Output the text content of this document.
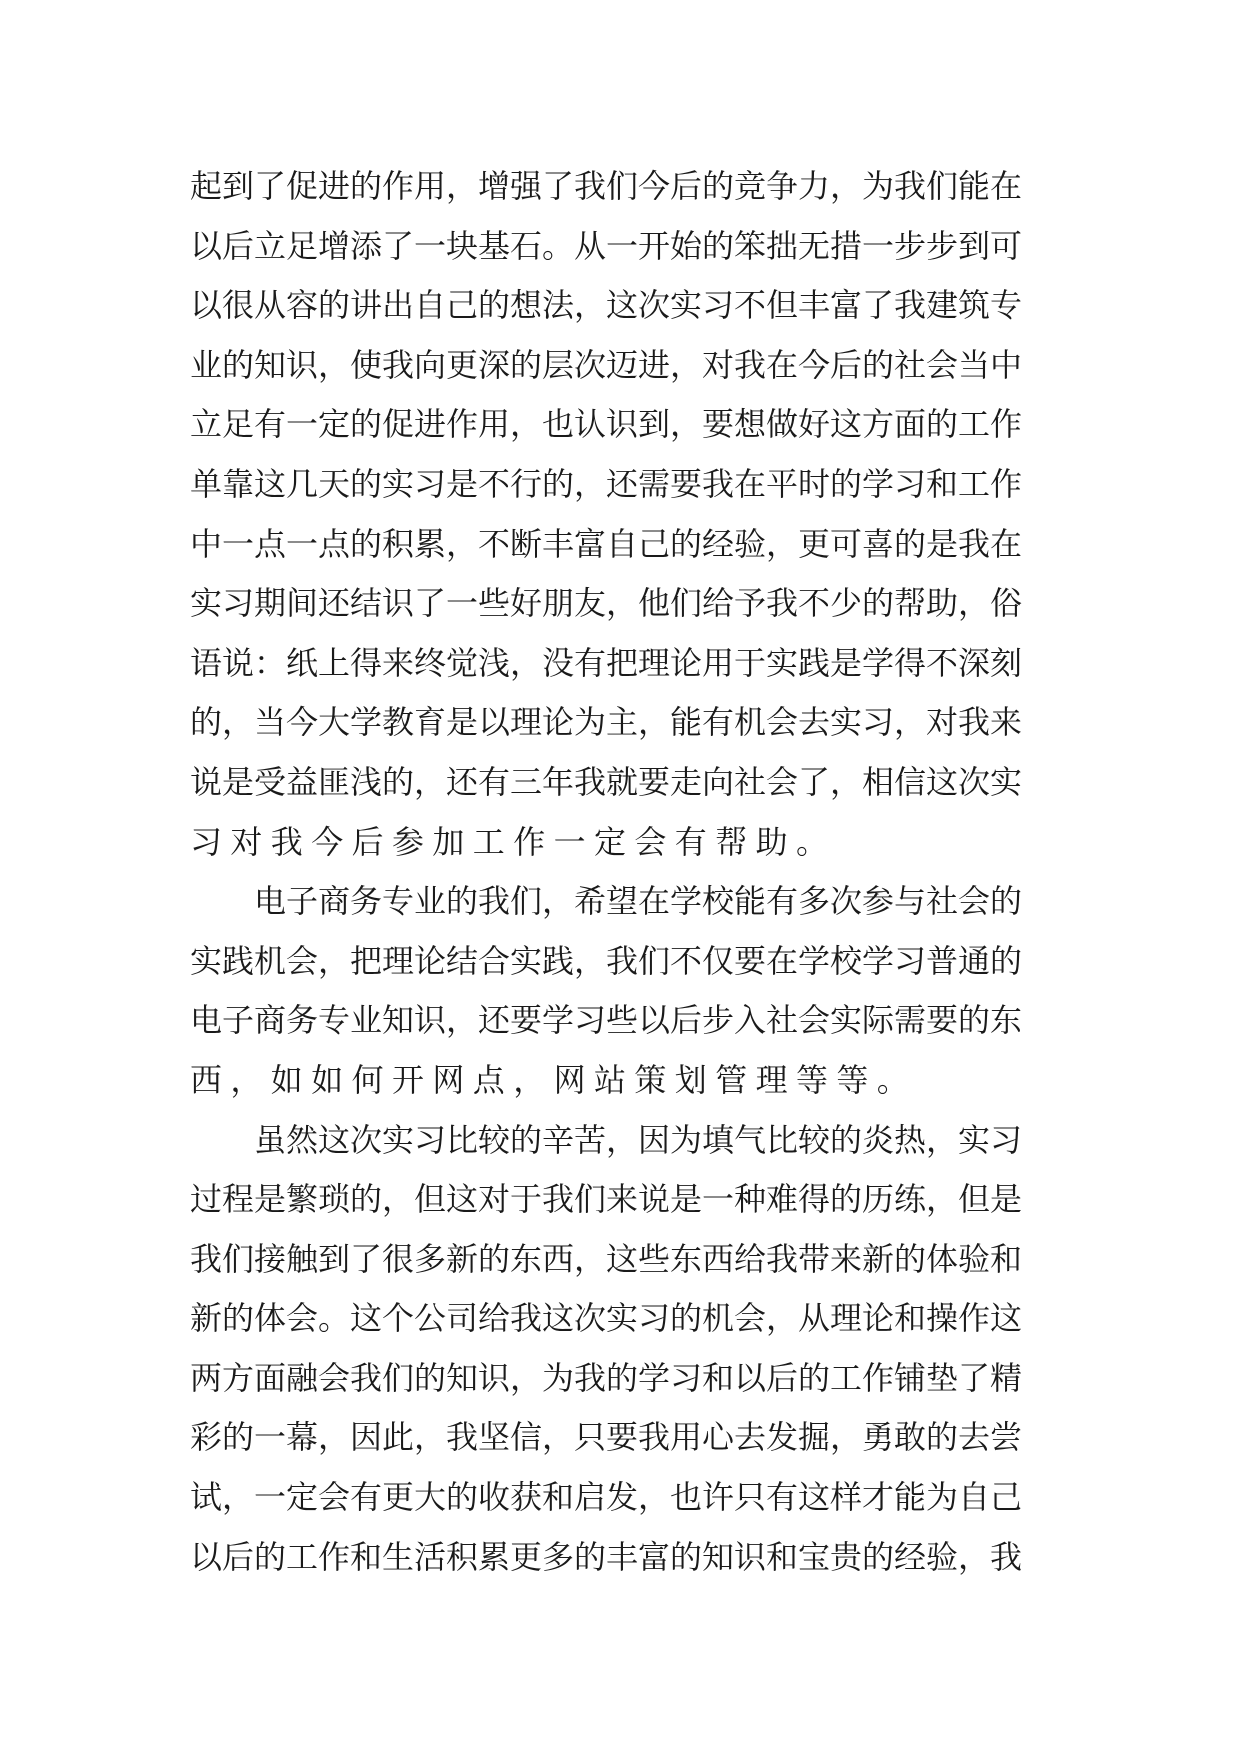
起到了促进的作用，增强了我们今后的竞争力，为我们能在
以后立足增添了一块基石。从一开始的笨拙无措一步步到可
以很从容的讲出自己的想法，这次实习不但丰富了我建筑专
业的知识，使我向更深的层次迈进，对我在今后的社会当中
立足有一定的促进作用，也认识到，要想做好这方面的工作
单靠这几天的实习是不行的，还需要我在平时的学习和工作
中一点一点的积累，不断丰富自己的经验，更可喜的是我在
实习期间还结识了一些好朋友，他们给予我不少的帮助，俗
语说：纸上得来终觉浅，没有把理论用于实践是学得不深刻
的，当今大学教育是以理论为主，能有机会去实习，对我来
说是受益匪浅的，还有三年我就要走向社会了，相信这次实
习对我今后参加工作一定会有帮助。
电子商务专业的我们，希望在学校能有多次参与社会的
实践机会，把理论结合实践，我们不仅要在学校学习普通的
电子商务专业知识，还要学习些以后步入社会实际需要的东
西，如如何开网点，网站策划管理等等。
虽然这次实习比较的辛苦，因为填气比较的炎热，实习
过程是繁琐的，但这对于我们来说是一种难得的历练，但是
我们接触到了很多新的东西，这些东西给我带来新的体验和
新的体会。这个公司给我这次实习的机会，从理论和操作这
两方面融会我们的知识，为我的学习和以后的工作铺垫了精
彩的一幕，因此，我坚信，只要我用心去发掘，勇敢的去尝
试，一定会有更大的收获和启发，也许只有这样才能为自己
以后的工作和生活积累更多的丰富的知识和宝贵的经验，我
